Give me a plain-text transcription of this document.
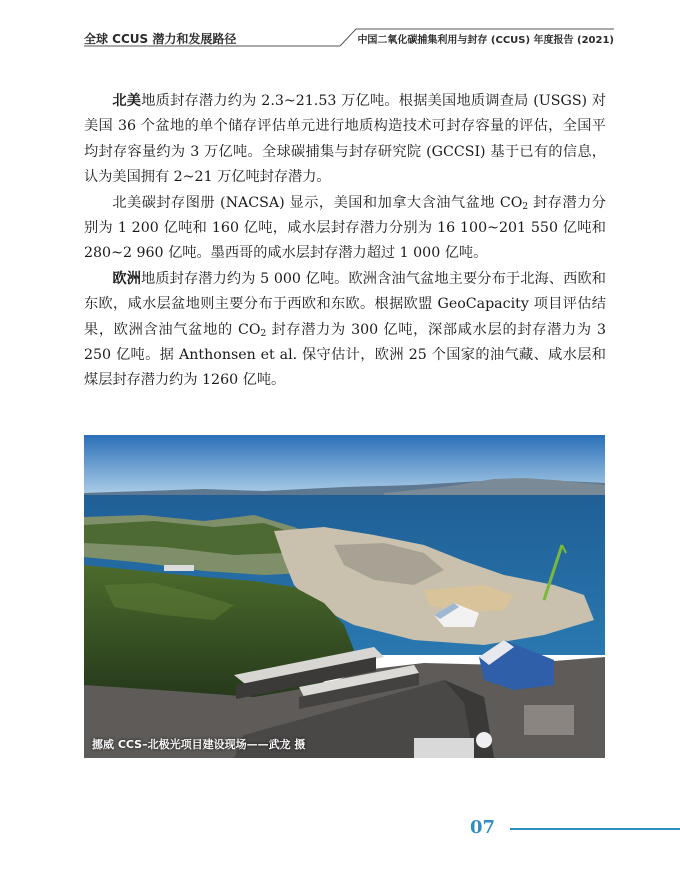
全球 CCUS 潜力和发展路径	中国二氧化碳捕集利用与封存 (CCUS) 年度报告 (2021)

北美地质封存潜力约为 2.3~21.53 万亿吨。根据美国地质调查局 (USGS) 对美国 36 个盆地的单个储存评估单元进行地质构造技术可封存容量的评估，全国平均封存容量约为 3 万亿吨。全球碳捕集与封存研究院 (GCCSI) 基于已有的信息，认为美国拥有 2~21 万亿吨封存潜力。

北美碳封存图册 (NACSA) 显示，美国和加拿大含油气盆地 $CO_2$ 封存潜力分别为 1 200 亿吨和 160 亿吨，咸水层封存潜力分别为 16 100~201 550 亿吨和 280~2 960 亿吨。墨西哥的咸水层封存潜力超过 1 000 亿吨。

欧洲地质封存潜力约为 5 000 亿吨。欧洲含油气盆地主要分布于北海、西欧和东欧，咸水层盆地则主要分布于西欧和东欧。根据欧盟 GeoCapacity 项目评估结果，欧洲含油气盆地的 $CO_2$ 封存潜力为 300 亿吨，深部咸水层的封存潜力为 3 250 亿吨。据 Anthonsen et al. 保守估计，欧洲 25 个国家的油气藏、咸水层和煤层封存潜力约为 1260 亿吨。

挪威 CCS–北极光项目建设现场——武龙 摄
07
